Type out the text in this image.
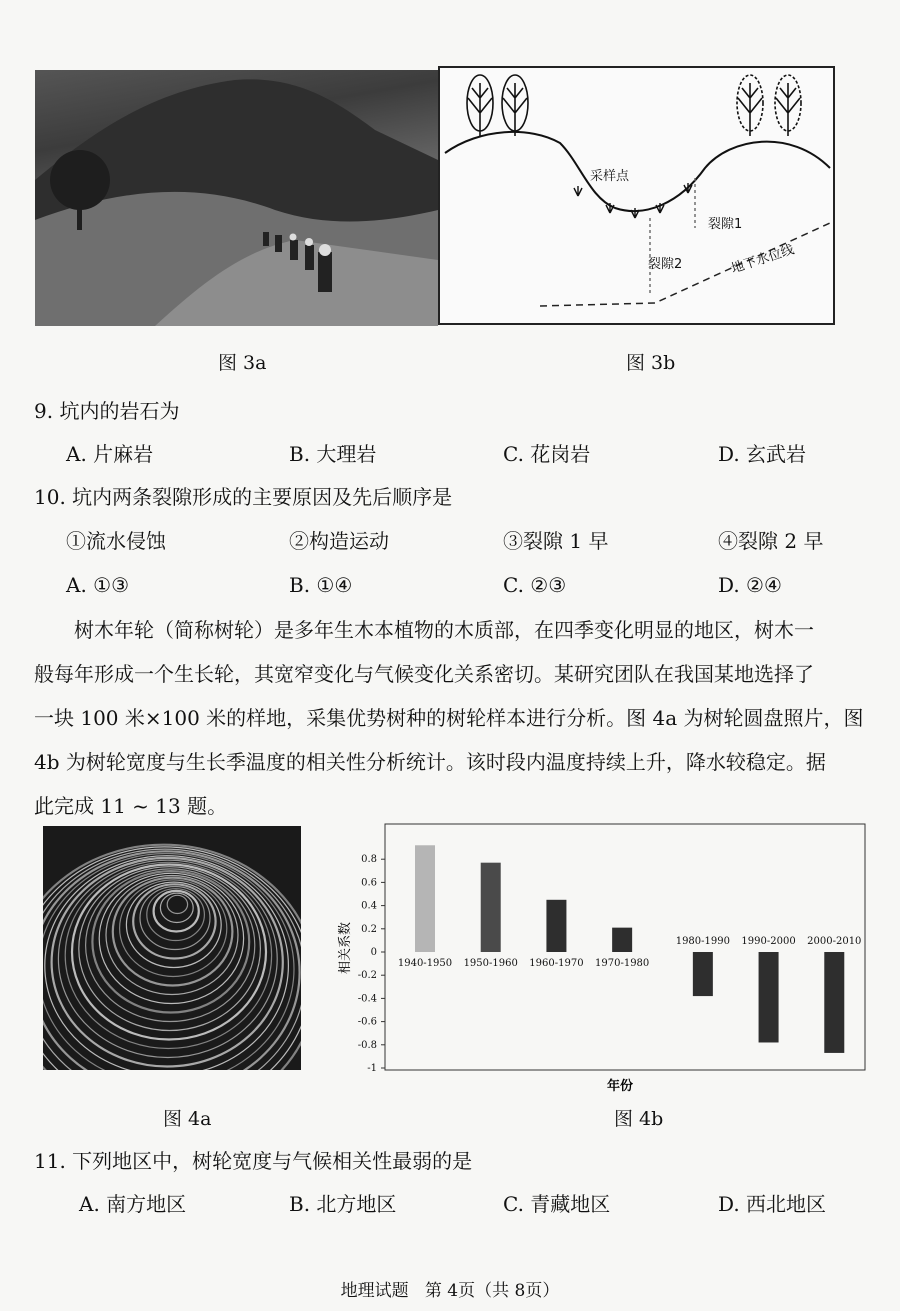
采样点
裂隙1
裂隙2	地下水位线
图 3a	图 3b
9. 坑内的岩石为
A. 片麻岩	B. 大理岩	C. 花岗岩	D. 玄武岩
10. 坑内两条裂隙形成的主要原因及先后顺序是
①流水侵蚀	②构造运动	③裂隙 1 早	④裂隙 2 早
A. ①③	B. ①④	C. ②③	D. ②④
树木年轮（简称树轮）是多年生木本植物的木质部，在四季变化明显的地区，树木一
般每年形成一个生长轮，其宽窄变化与气候变化关系密切。某研究团队在我国某地选择了
一块 100 米×100 米的样地，采集优势树种的树轮样本进行分析。图 4a 为树轮圆盘照片，图
4b 为树轮宽度与生长季温度的相关性分析统计。该时段内温度持续上升，降水较稳定。据
此完成 11 ~ 13 题。
-1
-0.8
-0.6
-0.4
-0.2
0
0.2
0.4
0.6
0.8
1940-1950 1950-1960 1960-1970 1970-1980
1980-1990 1990-2000 2000-2010
相关系数
年份
图 4a	图 4b
11. 下列地区中，树轮宽度与气候相关性最弱的是
A. 南方地区	B. 北方地区	C. 青藏地区	D. 西北地区
地理试题   第 4页（共 8页）
